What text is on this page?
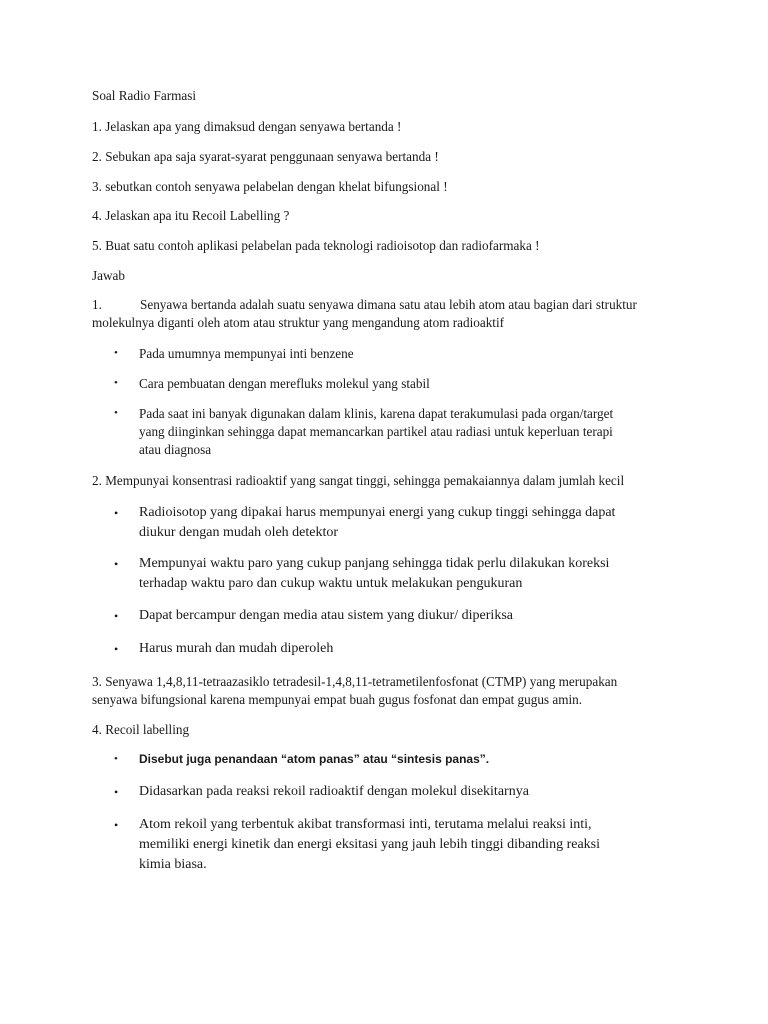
Soal Radio Farmasi
1. Jelaskan apa yang dimaksud dengan senyawa bertanda !
2. Sebukan apa saja syarat-syarat penggunaan senyawa bertanda !
3. sebutkan contoh senyawa pelabelan dengan khelat bifungsional !
4. Jelaskan apa itu Recoil Labelling ?
5. Buat satu contoh aplikasi pelabelan pada teknologi radioisotop dan radiofarmaka !
Jawab
1.	Senyawa bertanda adalah suatu senyawa dimana satu atau lebih atom atau bagian dari struktur
molekulnya diganti oleh atom atau struktur yang mengandung atom radioaktif
• Pada umumnya mempunyai inti benzene
• Cara pembuatan dengan merefluks molekul yang stabil
• Pada saat ini banyak digunakan dalam klinis, karena dapat terakumulasi pada organ/target
yang diinginkan sehingga dapat memancarkan partikel atau radiasi untuk keperluan terapi
atau diagnosa
2. Mempunyai konsentrasi radioaktif yang sangat tinggi, sehingga pemakaiannya dalam jumlah kecil
• Radioisotop yang dipakai harus mempunyai energi yang cukup tinggi sehingga dapat
diukur dengan mudah oleh detektor
• Mempunyai waktu paro yang cukup panjang sehingga tidak perlu dilakukan koreksi
terhadap waktu paro dan cukup waktu untuk melakukan pengukuran
• Dapat bercampur dengan media atau sistem yang diukur/ diperiksa
• Harus murah dan mudah diperoleh
3. Senyawa 1,4,8,11-tetraazasiklo tetradesil-1,4,8,11-tetrametilenfosfonat (CTMP) yang merupakan
senyawa bifungsional karena mempunyai empat buah gugus fosfonat dan empat gugus amin.
4. Recoil labelling
• Disebut juga penandaan “atom panas” atau “sintesis panas”.
• Didasarkan pada reaksi rekoil radioaktif dengan molekul disekitarnya
• Atom rekoil yang terbentuk akibat transformasi inti, terutama melalui reaksi inti,
memiliki energi kinetik dan energi eksitasi yang jauh lebih tinggi dibanding reaksi
kimia biasa.
